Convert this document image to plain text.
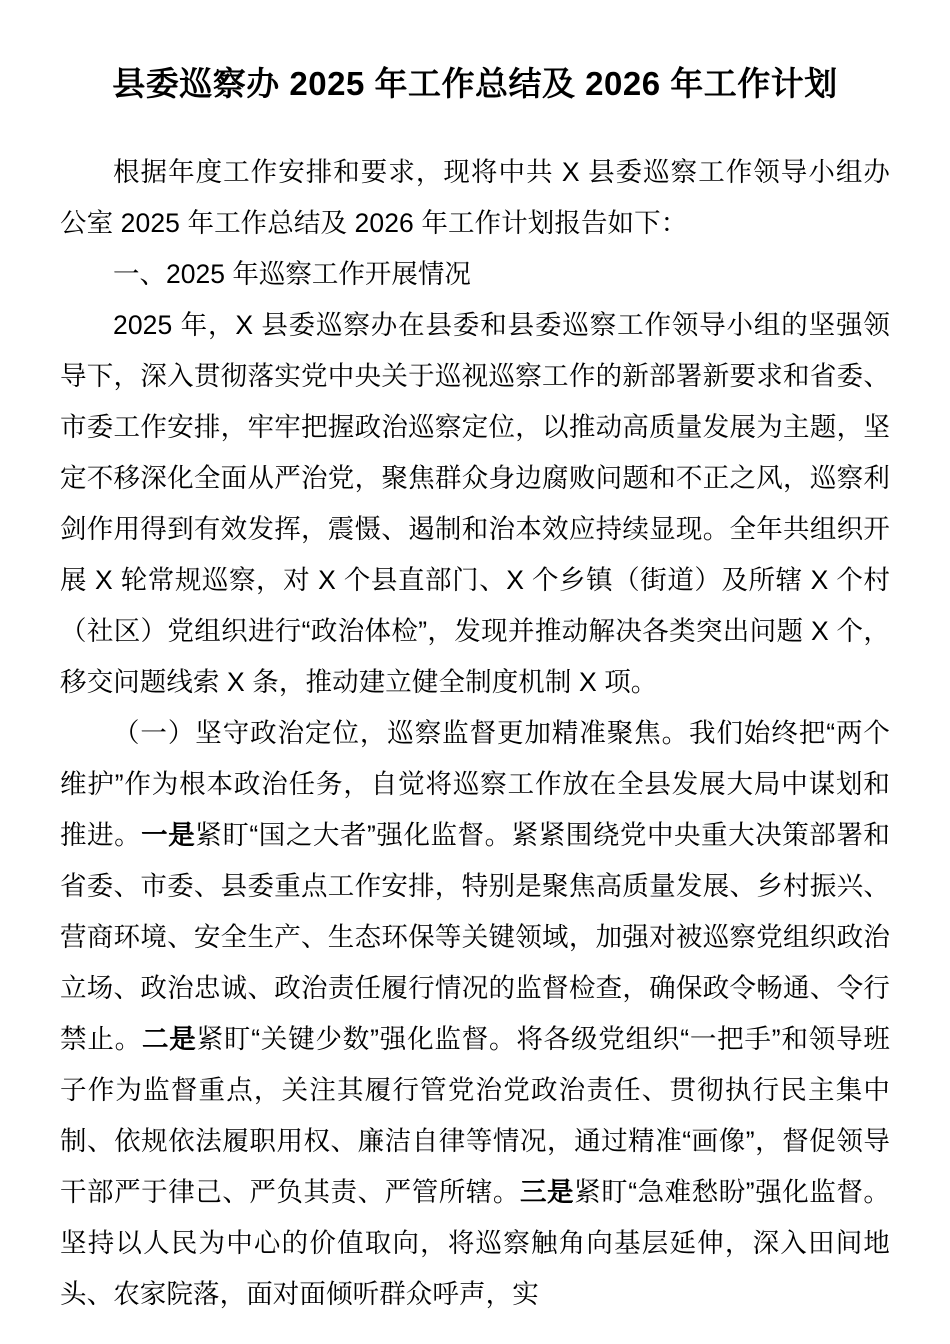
县委巡察办 2025 年工作总结及 2026 年工作计划

根据年度工作安排和要求，现将中共 X 县委巡察工作领导小组办公室 2025 年工作总结及 2026 年工作计划报告如下：

一、2025 年巡察工作开展情况

2025 年，X 县委巡察办在县委和县委巡察工作领导小组的坚强领导下，深入贯彻落实党中央关于巡视巡察工作的新部署新要求和省委、市委工作安排，牢牢把握政治巡察定位，以推动高质量发展为主题，坚定不移深化全面从严治党，聚焦群众身边腐败问题和不正之风，巡察利剑作用得到有效发挥，震慑、遏制和治本效应持续显现。全年共组织开展 X 轮常规巡察，对 X 个县直部门、X 个乡镇（街道）及所辖 X 个村（社区）党组织进行“政治体检”，发现并推动解决各类突出问题 X 个，移交问题线索 X 条，推动建立健全制度机制 X 项。

（一）坚守政治定位，巡察监督更加精准聚焦。我们始终把“两个维护”作为根本政治任务，自觉将巡察工作放在全县发展大局中谋划和推进。一是紧盯“国之大者”强化监督。紧紧围绕党中央重大决策部署和省委、市委、县委重点工作安排，特别是聚焦高质量发展、乡村振兴、营商环境、安全生产、生态环保等关键领域，加强对被巡察党组织政治立场、政治忠诚、政治责任履行情况的监督检查，确保政令畅通、令行禁止。二是紧盯“关键少数”强化监督。将各级党组织“一把手”和领导班子作为监督重点，关注其履行管党治党政治责任、贯彻执行民主集中制、依规依法履职用权、廉洁自律等情况，通过精准“画像”，督促领导干部严于律己、严负其责、严管所辖。三是紧盯“急难愁盼”强化监督。坚持以人民为中心的价值取向，将巡察触角向基层延伸，深入田间地头、农家院落，面对面倾听群众呼声，实
